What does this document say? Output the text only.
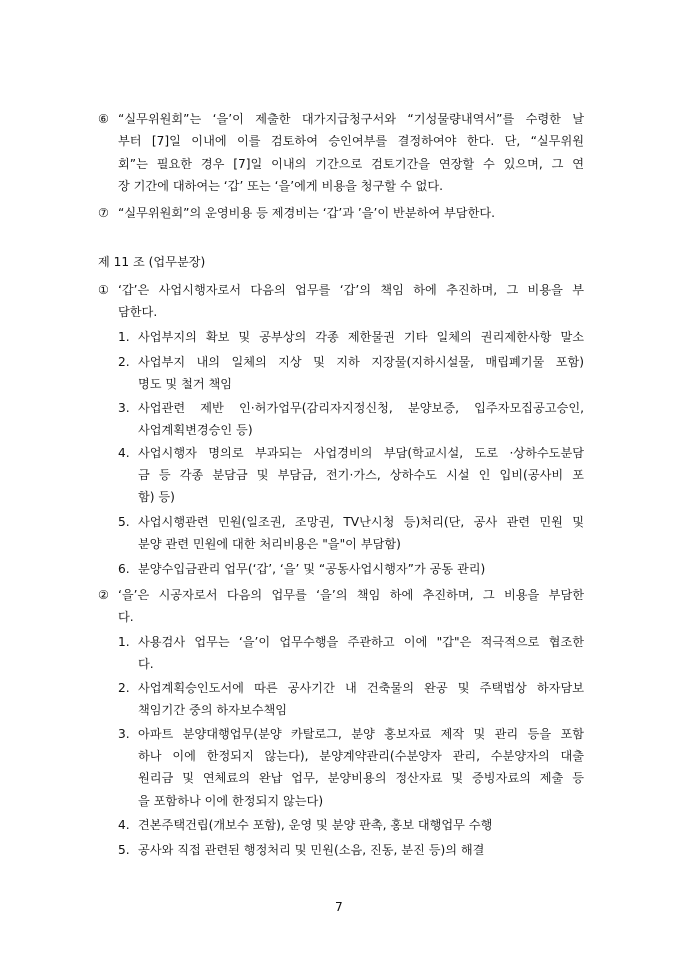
⑥ “실무위원회”는 ‘을’이 제출한 대가지급청구서와 “기성물량내역서”를 수령한 날
부터 [7]일 이내에 이를 검토하여 승인여부를 결정하여야 한다. 단, “실무위원
회”는 필요한 경우 [7]일 이내의 기간으로 검토기간을 연장할 수 있으며, 그 연
장 기간에 대하여는 ‘갑’ 또는 ‘을’에게 비용을 청구할 수 없다.
⑦ “실무위원회”의 운영비용 등 제경비는 ‘갑’과 ’을’이 반분하여 부담한다.
제 11 조 (업무분장)
① ‘갑’은 사업시행자로서 다음의 업무를 ‘갑’의 책임 하에 추진하며, 그 비용을 부
담한다.
1. 사업부지의 확보 및 공부상의 각종 제한물권 기타 일체의 권리제한사항 말소
2. 사업부지 내의 일체의 지상 및 지하 지장물(지하시설물, 매립폐기물 포함)
명도 및 철거 책임
3. 사업관련 제반 인·허가업무(감리자지정신청, 분양보증, 입주자모집공고승인,
사업계획변경승인 등)
4. 사업시행자 명의로 부과되는 사업경비의 부담(학교시설, 도로 ·상하수도분담
금 등 각종 분담금 및 부담금, 전기·가스, 상하수도 시설 인 입비(공사비 포
함) 등)
5. 사업시행관련 민원(일조권, 조망권, TV난시청 등)처리(단, 공사 관련 민원 및
분양 관련 민원에 대한 처리비용은 "을"이 부담함)
6. 분양수입금관리 업무(‘갑’, ‘을’ 및 “공동사업시행자”가 공동 관리)
② ‘을’은 시공자로서 다음의 업무를 ‘을’의 책임 하에 추진하며, 그 비용을 부담한
다.
1. 사용검사 업무는 ‘을’이 업무수행을 주관하고 이에 "갑"은 적극적으로 협조한
다.
2. 사업계획승인도서에 따른 공사기간 내 건축물의 완공 및 주택법상 하자담보
책임기간 중의 하자보수책임
3. 아파트 분양대행업무(분양 카탈로그, 분양 홍보자료 제작 및 관리 등을 포함
하나 이에 한정되지 않는다), 분양계약관리(수분양자 관리, 수분양자의 대출
원리금 및 연체료의 완납 업무, 분양비용의 정산자료 및 증빙자료의 제출 등
을 포함하나 이에 한정되지 않는다)
4. 견본주택건립(개보수 포함), 운영 및 분양 판촉, 홍보 대행업무 수행
5. 공사와 직접 관련된 행정처리 및 민원(소음, 진동, 분진 등)의 해결
7
